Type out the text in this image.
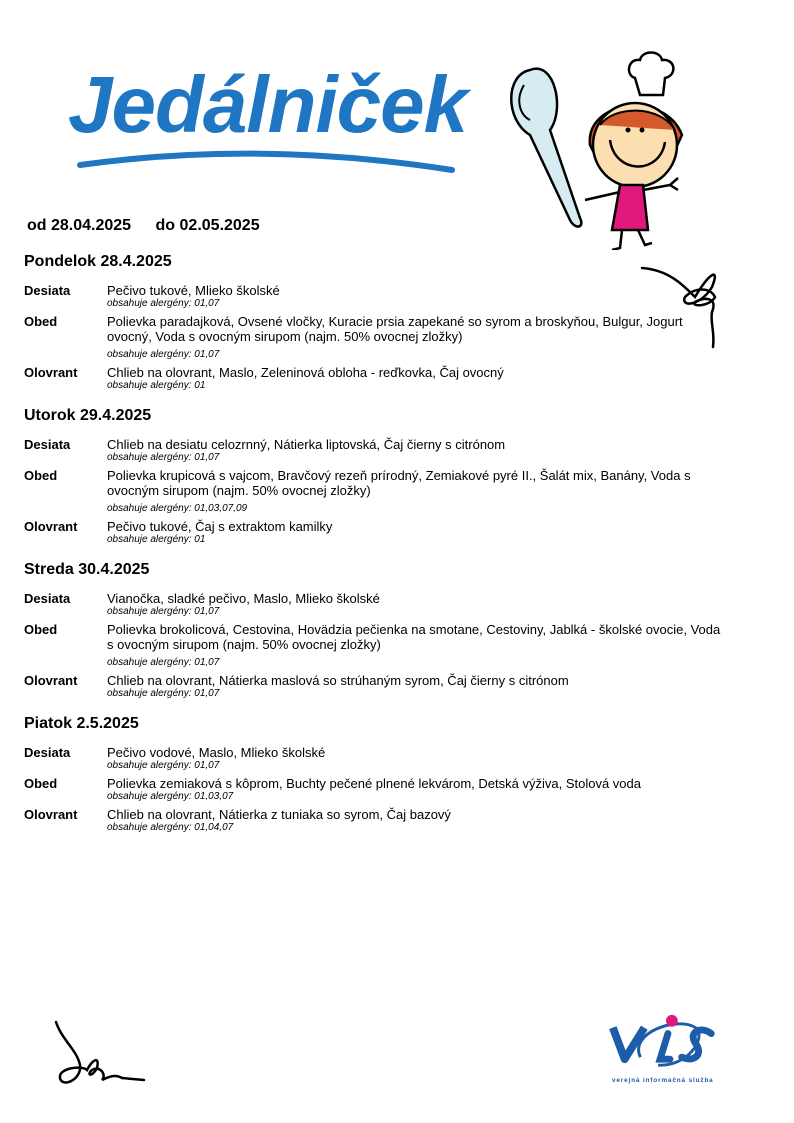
Jedálniček
od 28.04.2025 do 02.05.2025
Pondelok 28.4.2025
Desiata	Pečivo tukové, Mlieko školské
obsahuje alergény: 01,07
Obed	Polievka paradajková, Ovsené vločky, Kuracie prsia zapekané so syrom a broskyňou, Bulgur, Jogurt ovocný, Voda s ovocným sirupom (najm. 50% ovocnej zložky)
obsahuje alergény: 01,07
Olovrant	Chlieb na olovrant, Maslo, Zeleninová obloha - reďkovka, Čaj ovocný
obsahuje alergény: 01
Utorok 29.4.2025
Desiata	Chlieb na desiatu celozrnný, Nátierka liptovská, Čaj čierny s citrónom
obsahuje alergény: 01,07
Obed	Polievka krupicová s vajcom, Bravčový rezeň prírodný, Zemiakové pyré II., Šalát mix, Banány, Voda s ovocným sirupom (najm. 50% ovocnej zložky)
obsahuje alergény: 01,03,07,09
Olovrant	Pečivo tukové, Čaj s extraktom kamilky
obsahuje alergény: 01
Streda 30.4.2025
Desiata	Vianočka, sladké pečivo, Maslo, Mlieko školské
obsahuje alergény: 01,07
Obed	Polievka brokolicová, Cestovina, Hovädzia pečienka na smotane, Cestoviny, Jablká - školské ovocie, Voda s ovocným sirupom (najm. 50% ovocnej zložky)
obsahuje alergény: 01,07
Olovrant	Chlieb na olovrant, Nátierka maslová so strúhaným syrom, Čaj čierny s citrónom
obsahuje alergény: 01,07
Piatok 2.5.2025
Desiata	Pečivo vodové, Maslo, Mlieko školské
obsahuje alergény: 01,07
Obed	Polievka zemiaková s kôprom, Buchty pečené plnené lekvárom, Detská výživa, Stolová voda
obsahuje alergény: 01,03,07
Olovrant	Chlieb na olovrant, Nátierka z tuniaka so syrom, Čaj bazový
obsahuje alergény: 01,04,07
verejná informačná služba
